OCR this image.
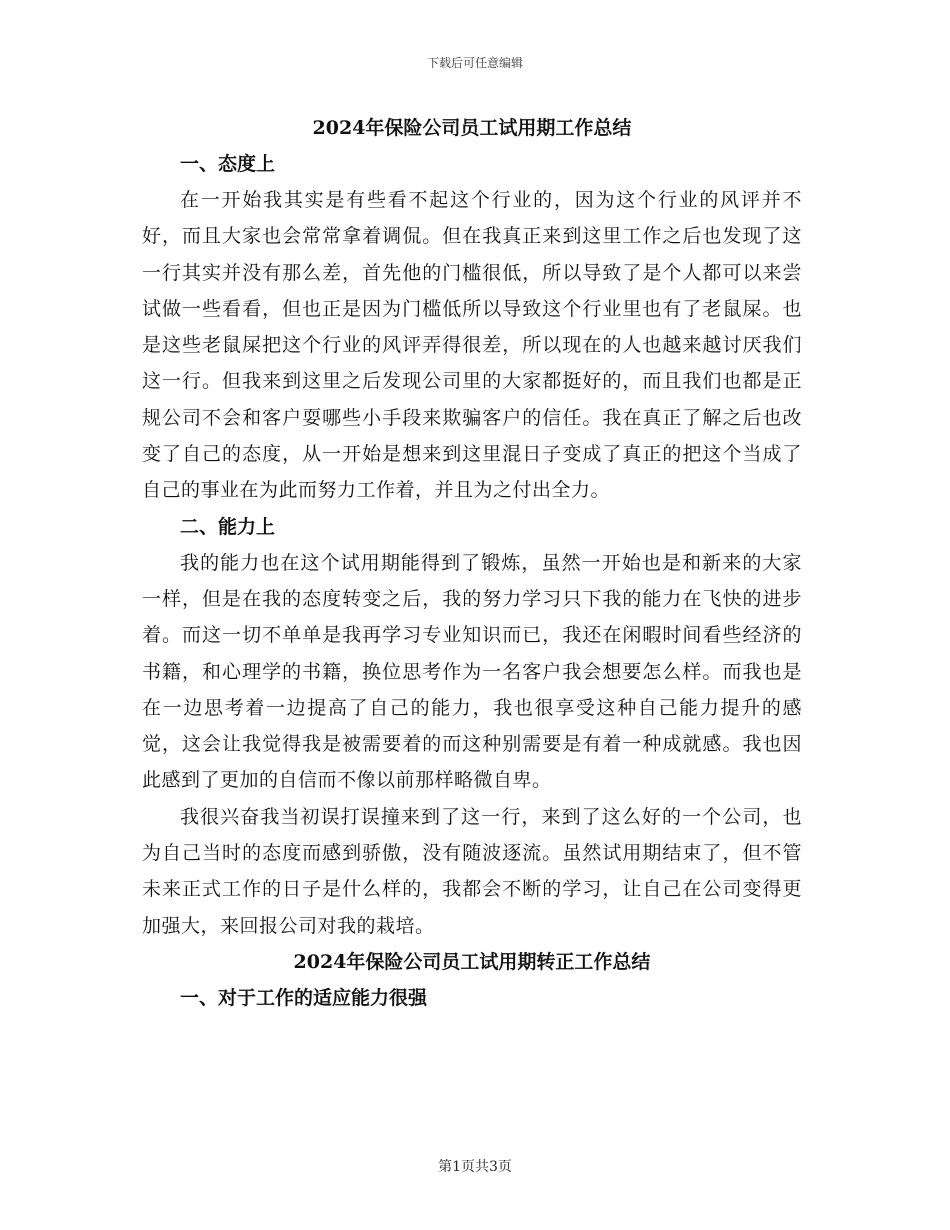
下载后可任意编辑
2024年保险公司员工试用期工作总结
一、态度上

在一开始我其实是有些看不起这个行业的，因为这个行业的风评并不好，而且大家也会常常拿着调侃。但在我真正来到这里工作之后也发现了这一行其实并没有那么差，首先他的门槛很低，所以导致了是个人都可以来尝试做一些看看，但也正是因为门槛低所以导致这个行业里也有了老鼠屎。也是这些老鼠屎把这个行业的风评弄得很差，所以现在的人也越来越讨厌我们这一行。但我来到这里之后发现公司里的大家都挺好的，而且我们也都是正规公司不会和客户耍哪些小手段来欺骗客户的信任。我在真正了解之后也改变了自己的态度，从一开始是想来到这里混日子变成了真正的把这个当成了自己的事业在为此而努力工作着，并且为之付出全力。

二、能力上

我的能力也在这个试用期能得到了锻炼，虽然一开始也是和新来的大家一样，但是在我的态度转变之后，我的努力学习只下我的能力在飞快的进步着。而这一切不单单是我再学习专业知识而已，我还在闲暇时间看些经济的书籍，和心理学的书籍，换位思考作为一名客户我会想要怎么样。而我也是在一边思考着一边提高了自己的能力，我也很享受这种自己能力提升的感觉，这会让我觉得我是被需要着的而这种别需要是有着一种成就感。我也因此感到了更加的自信而不像以前那样略微自卑。

我很兴奋我当初误打误撞来到了这一行，来到了这么好的一个公司，也为自己当时的态度而感到骄傲，没有随波逐流。虽然试用期结束了，但不管未来正式工作的日子是什么样的，我都会不断的学习，让自己在公司变得更加强大，来回报公司对我的栽培。

2024年保险公司员工试用期转正工作总结
一、对于工作的适应能力很强
第1页共3页
